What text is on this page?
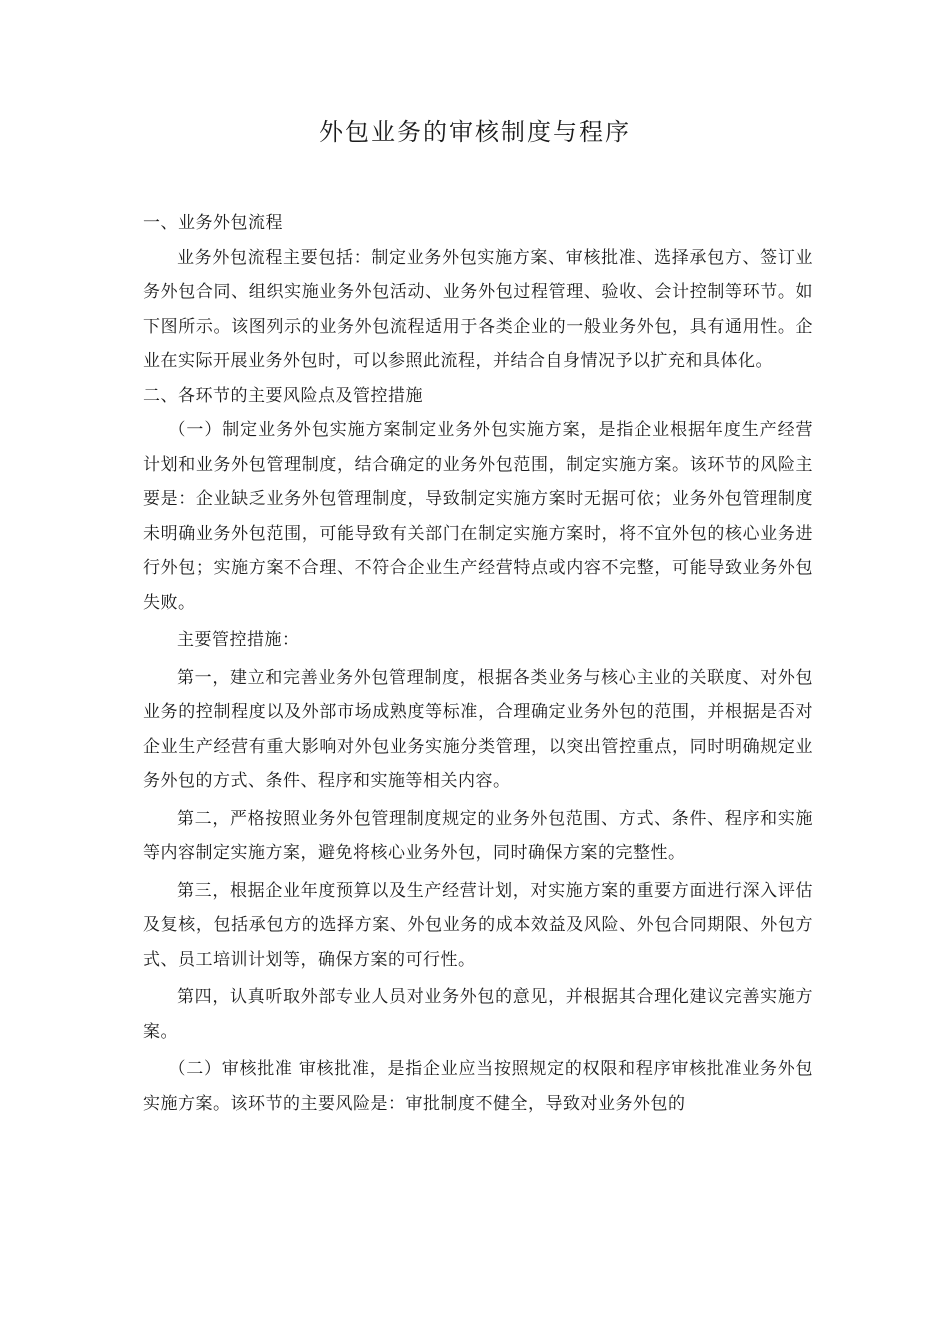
外包业务的审核制度与程序

一、业务外包流程

业务外包流程主要包括：制定业务外包实施方案、审核批准、选择承包方、签订业务外包合同、组织实施业务外包活动、业务外包过程管理、验收、会计控制等环节。如下图所示。该图列示的业务外包流程适用于各类企业的一般业务外包，具有通用性。企业在实际开展业务外包时，可以参照此流程，并结合自身情况予以扩充和具体化。

二、各环节的主要风险点及管控措施

（一）制定业务外包实施方案制定业务外包实施方案，是指企业根据年度生产经营计划和业务外包管理制度，结合确定的业务外包范围，制定实施方案。该环节的风险主要是：企业缺乏业务外包管理制度，导致制定实施方案时无据可依；业务外包管理制度未明确业务外包范围，可能导致有关部门在制定实施方案时，将不宜外包的核心业务进行外包；实施方案不合理、不符合企业生产经营特点或内容不完整，可能导致业务外包失败。

主要管控措施：

第一，建立和完善业务外包管理制度，根据各类业务与核心主业的关联度、对外包业务的控制程度以及外部市场成熟度等标准，合理确定业务外包的范围，并根据是否对企业生产经营有重大影响对外包业务实施分类管理，以突出管控重点，同时明确规定业务外包的方式、条件、程序和实施等相关内容。

第二，严格按照业务外包管理制度规定的业务外包范围、方式、条件、程序和实施等内容制定实施方案，避免将核心业务外包，同时确保方案的完整性。

第三，根据企业年度预算以及生产经营计划，对实施方案的重要方面进行深入评估及复核，包括承包方的选择方案、外包业务的成本效益及风险、外包合同期限、外包方式、员工培训计划等，确保方案的可行性。

第四，认真听取外部专业人员对业务外包的意见，并根据其合理化建议完善实施方案。

（二）审核批准 审核批准，是指企业应当按照规定的权限和程序审核批准业务外包实施方案。该环节的主要风险是：审批制度不健全，导致对业务外包的
